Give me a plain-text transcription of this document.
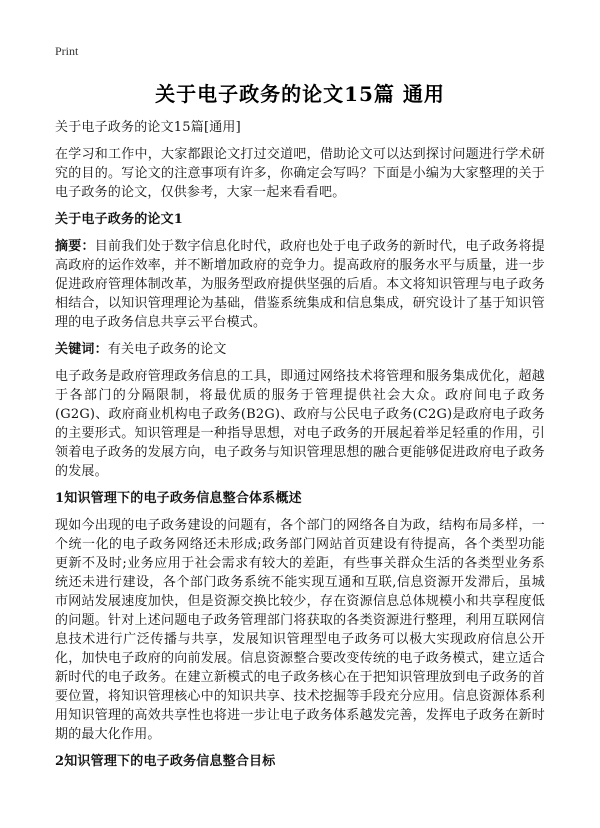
Print
关于电子政务的论文15篇 通用

关于电子政务的论文15篇[通用]

在学习和工作中，大家都跟论文打过交道吧，借助论文可以达到探讨问题进行学术研究的目的。写论文的注意事项有许多，你确定会写吗？下面是小编为大家整理的关于电子政务的论文，仅供参考，大家一起来看看吧。

关于电子政务的论文1

摘要：目前我们处于数字信息化时代，政府也处于电子政务的新时代，电子政务将提高政府的运作效率，并不断增加政府的竞争力。提高政府的服务水平与质量，进一步促进政府管理体制改革，为服务型政府提供坚强的后盾。本文将知识管理与电子政务相结合，以知识管理理论为基础，借鉴系统集成和信息集成，研究设计了基于知识管理的电子政务信息共享云平台模式。

关键词：有关电子政务的论文

电子政务是政府管理政务信息的工具，即通过网络技术将管理和服务集成优化，超越于各部门的分隔限制，将最优质的服务于管理提供社会大众。政府间电子政务(G2G)、政府商业机构电子政务(B2G)、政府与公民电子政务(C2G)是政府电子政务的主要形式。知识管理是一种指导思想，对电子政务的开展起着举足轻重的作用，引领着电子政务的发展方向，电子政务与知识管理思想的融合更能够促进政府电子政务的发展。

1知识管理下的电子政务信息整合体系概述

现如今出现的电子政务建设的问题有，各个部门的网络各自为政，结构布局多样，一个统一化的电子政务网络还未形成;政务部门网站首页建设有待提高，各个类型功能更新不及时;业务应用于社会需求有较大的差距，有些事关群众生活的各类型业务系统还未进行建设，各个部门政务系统不能实现互通和互联,信息资源开发滞后，虽城市网站发展速度加快，但是资源交换比较少，存在资源信息总体规模小和共享程度低的问题。针对上述问题电子政务管理部门将获取的各类资源进行整理，利用互联网信息技术进行广泛传播与共享，发展知识管理型电子政务可以极大实现政府信息公开化，加快电子政府的向前发展。信息资源整合要改变传统的电子政务模式，建立适合新时代的电子政务。在建立新模式的电子政务核心在于把知识管理放到电子政务的首要位置，将知识管理核心中的知识共享、技术挖掘等手段充分应用。信息资源体系利用知识管理的高效共享性也将进一步让电子政务体系越发完善，发挥电子政务在新时期的最大化作用。

2知识管理下的电子政务信息整合目标
